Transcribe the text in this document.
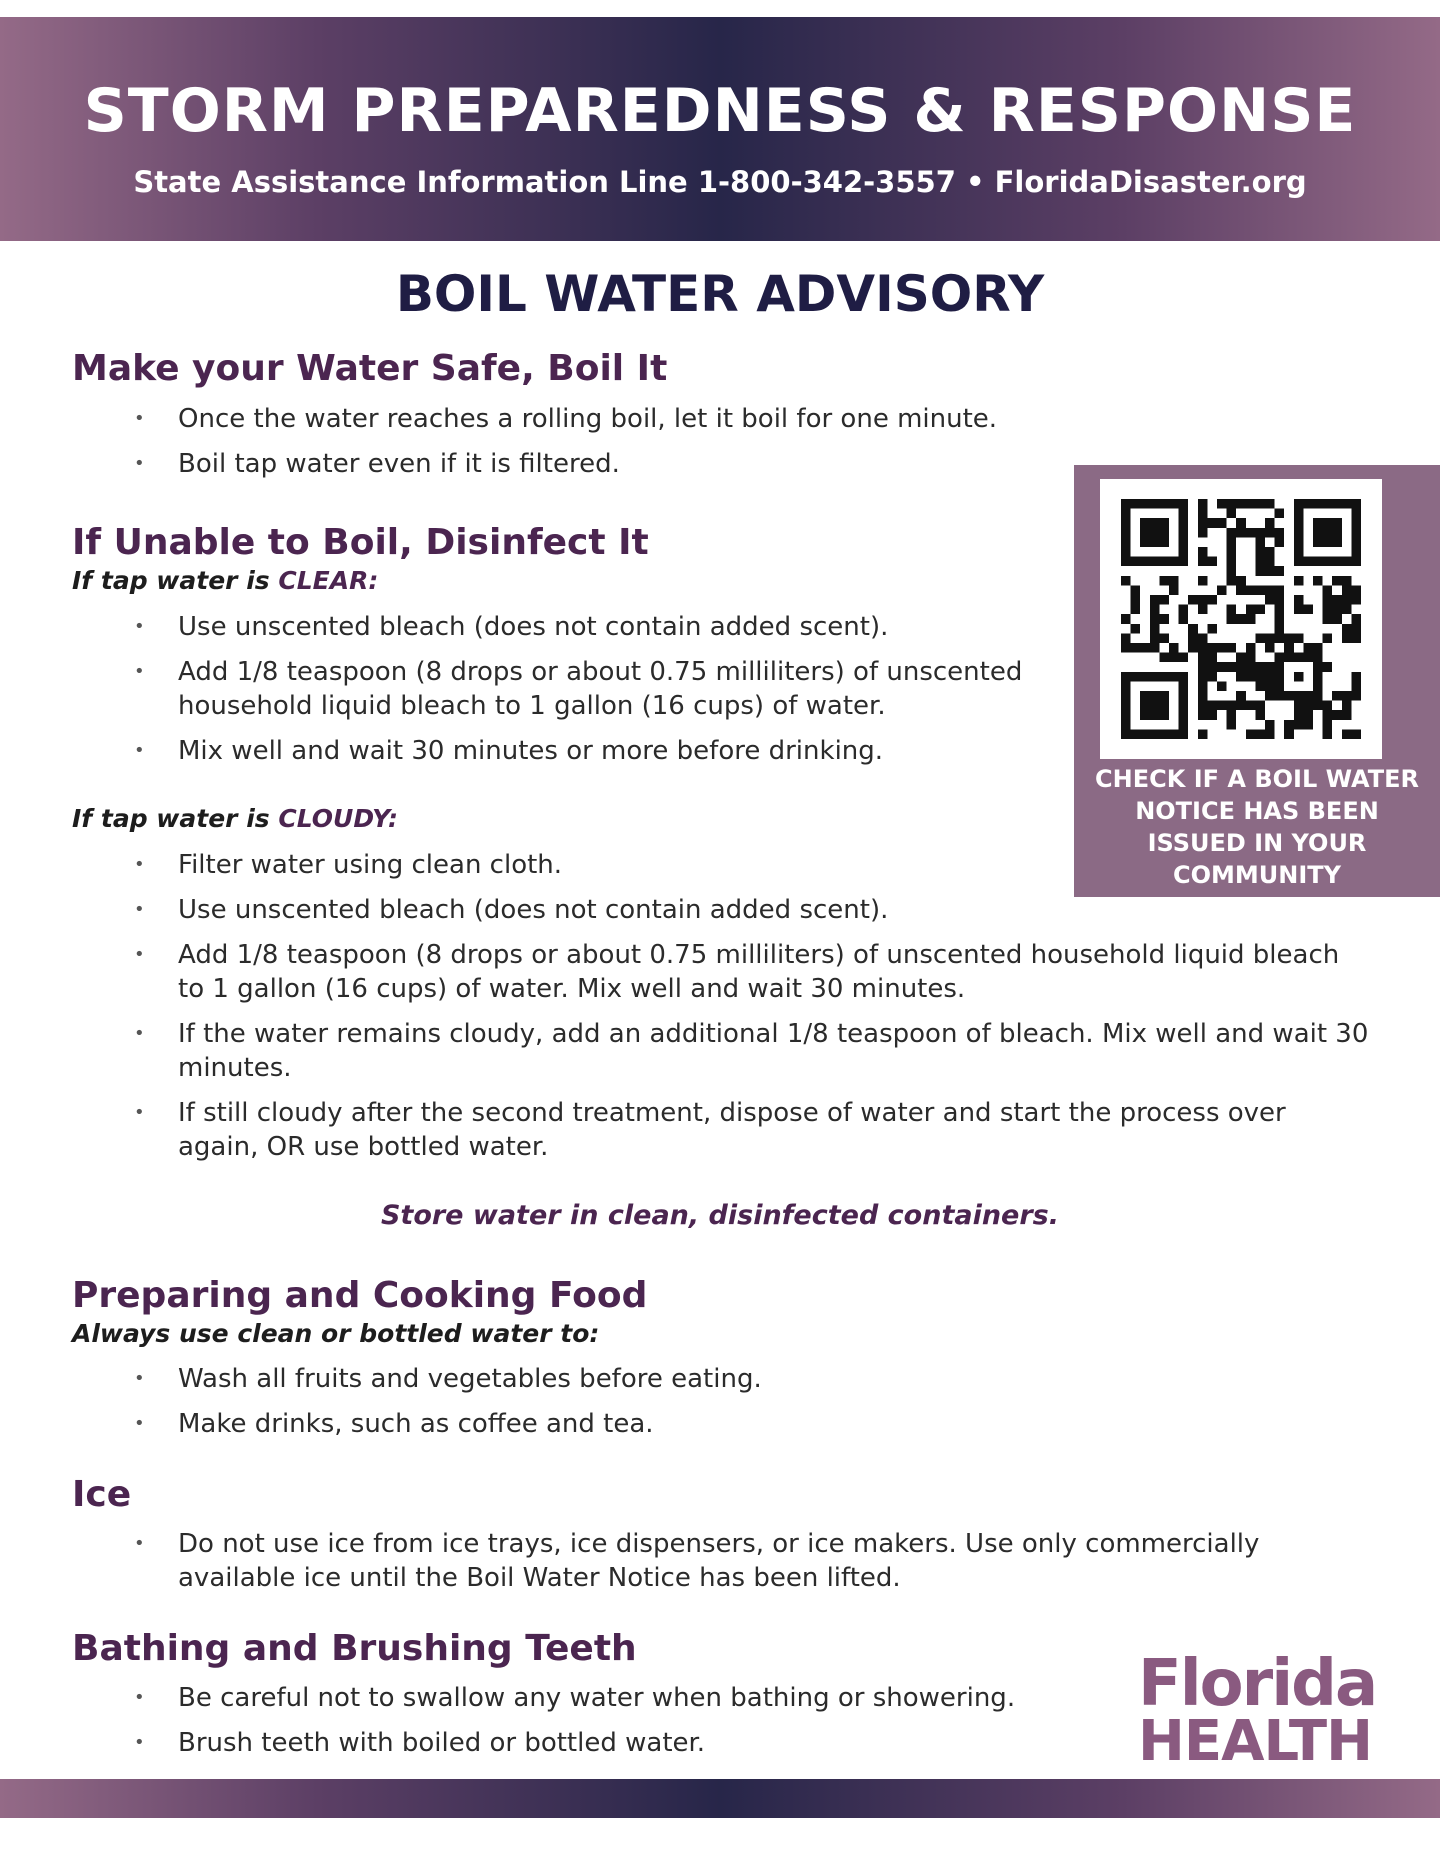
STORM PREPAREDNESS & RESPONSE
State Assistance Information Line 1-800-342-3557 • FloridaDisaster.org
BOIL WATER ADVISORY
Make your Water Safe, Boil It
• Once the water reaches a rolling boil, let it boil for one minute.
• Boil tap water even if it is filtered.
If Unable to Boil, Disinfect It
If tap water is CLEAR:
• Use unscented bleach (does not contain added scent).
• Add 1/8 teaspoon (8 drops or about 0.75 milliliters) of unscented household liquid bleach to 1 gallon (16 cups) of water.
• Mix well and wait 30 minutes or more before drinking.
If tap water is CLOUDY:
• Filter water using clean cloth.
• Use unscented bleach (does not contain added scent).
• Add 1/8 teaspoon (8 drops or about 0.75 milliliters) of unscented household liquid bleach to 1 gallon (16 cups) of water. Mix well and wait 30 minutes.
• If the water remains cloudy, add an additional 1/8 teaspoon of bleach. Mix well and wait 30 minutes.
• If still cloudy after the second treatment, dispose of water and start the process over again, OR use bottled water.
Store water in clean, disinfected containers.
Preparing and Cooking Food
Always use clean or bottled water to:
• Wash all fruits and vegetables before eating.
• Make drinks, such as coffee and tea.
Ice
• Do not use ice from ice trays, ice dispensers, or ice makers. Use only commercially available ice until the Boil Water Notice has been lifted.
Bathing and Brushing Teeth
• Be careful not to swallow any water when bathing or showering.
• Brush teeth with boiled or bottled water.
CHECK IF A BOIL WATER NOTICE HAS BEEN ISSUED IN YOUR COMMUNITY
Florida
HEALTH
